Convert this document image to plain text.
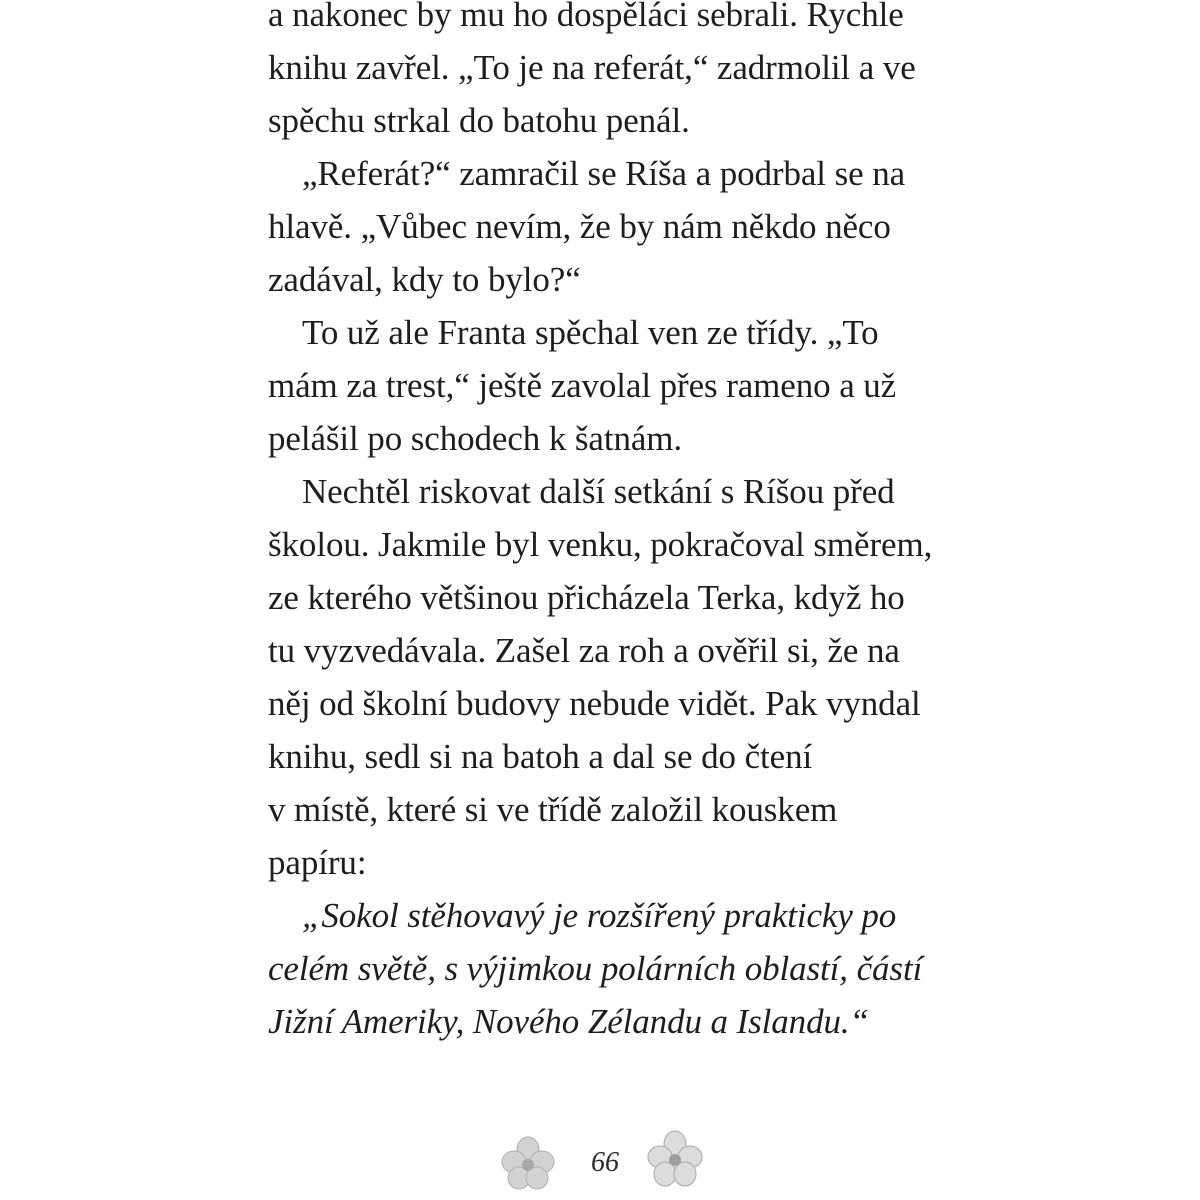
a nakonec by mu ho dospěláci sebrali. Rychle
knihu zavřel. „To je na referát,“ zadrmolil a ve
spěchu strkal do batohu penál.
„Referát?“ zamračil se Ríša a podrbal se na
hlavě. „Vůbec nevím, že by nám někdo něco
zadával, kdy to bylo?“
To už ale Franta spěchal ven ze třídy. „To
mám za trest,“ ještě zavolal přes rameno a už
pelášil po schodech k šatnám.
Nechtěl riskovat další setkání s Ríšou před
školou. Jakmile byl venku, pokračoval směrem,
ze kterého většinou přicházela Terka, když ho
tu vyzvedávala. Zašel za roh a ověřil si, že na
něj od školní budovy nebude vidět. Pak vyndal
knihu, sedl si na batoh a dal se do čtení
v místě, které si ve třídě založil kouskem
papíru:
„Sokol stěhovavý je rozšířený prakticky po
celém světě, s výjimkou polárních oblastí, částí
Jižní Ameriky, Nového Zélandu a Islandu.“
66
